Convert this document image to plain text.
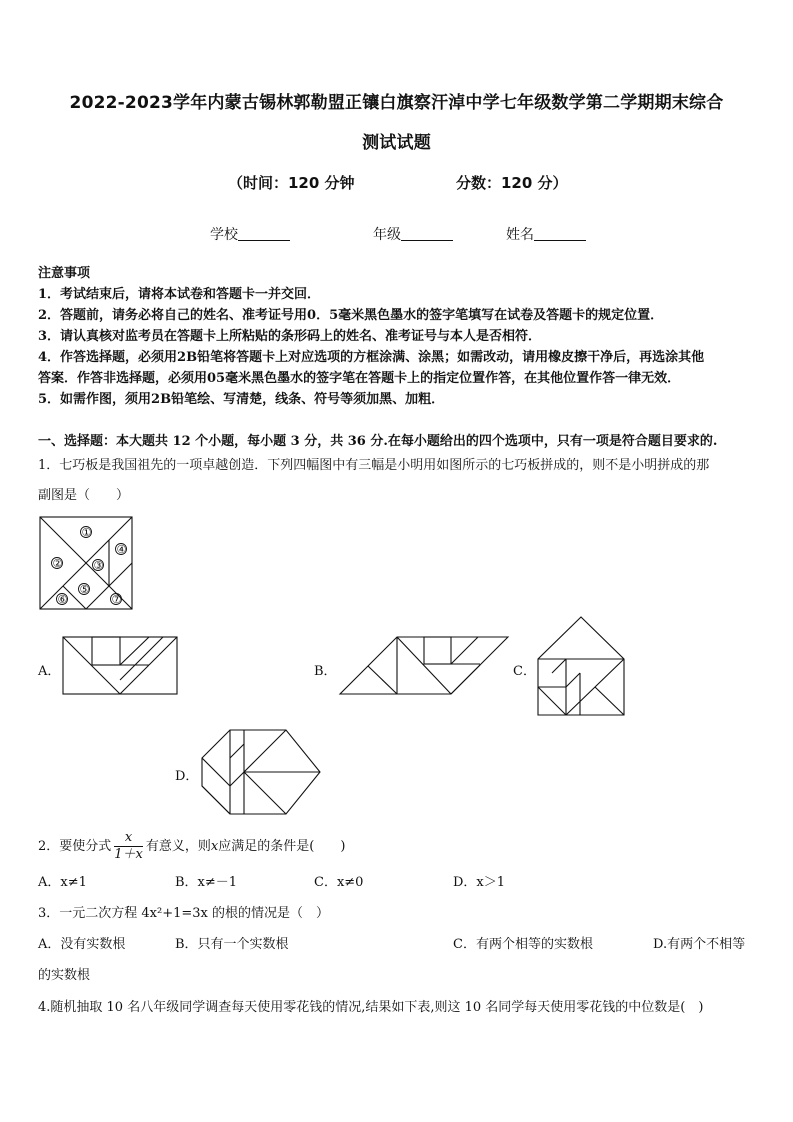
2022-2023学年内蒙古锡林郭勒盟正镶白旗察汗淖中学七年级数学第二学期期末综合
测试试题
（时间：120 分钟	分数：120 分）
学校	年级	姓名
注意事项
1．考试结束后，请将本试卷和答题卡一并交回．
2．答题前，请务必将自己的姓名、准考证号用0．5毫米黑色墨水的签字笔填写在试卷及答题卡的规定位置．
3．请认真核对监考员在答题卡上所粘贴的条形码上的姓名、准考证号与本人是否相符．
4．作答选择题，必须用2B铅笔将答题卡上对应选项的方框涂满、涂黑；如需改动，请用橡皮擦干净后，再选涂其他
答案．作答非选择题，必须用05毫米黑色墨水的签字笔在答题卡上的指定位置作答，在其他位置作答一律无效．
5．如需作图，须用2B铅笔绘、写清楚，线条、符号等须加黑、加粗．
一、选择题：本大题共 12 个小题，每小题 3 分，共 36 分.在每小题给出的四个选项中，只有一项是符合题目要求的.
1．七巧板是我国祖先的一项卓越创造．下列四幅图中有三幅是小明用如图所示的七巧板拼成的，则不是小明拼成的那
副图是（　　）
①
②	③
④
⑤
⑥	⑦
A．	B．	C．
D．
2．要使分式 $\frac{x}{1+x}$ 有意义，则x应满足的条件是(　　)
A．x≠1	B．x≠－1	C．x≠0	D．x＞1
3．一元二次方程 4x²+1=3x 的根的情况是（　）
A．没有实数根	B．只有一个实数根	C．有两个相等的实数根	D.有两个不相等
的实数根
4.随机抽取 10 名八年级同学调查每天使用零花钱的情况,结果如下表,则这 10 名同学每天使用零花钱的中位数是(　)
